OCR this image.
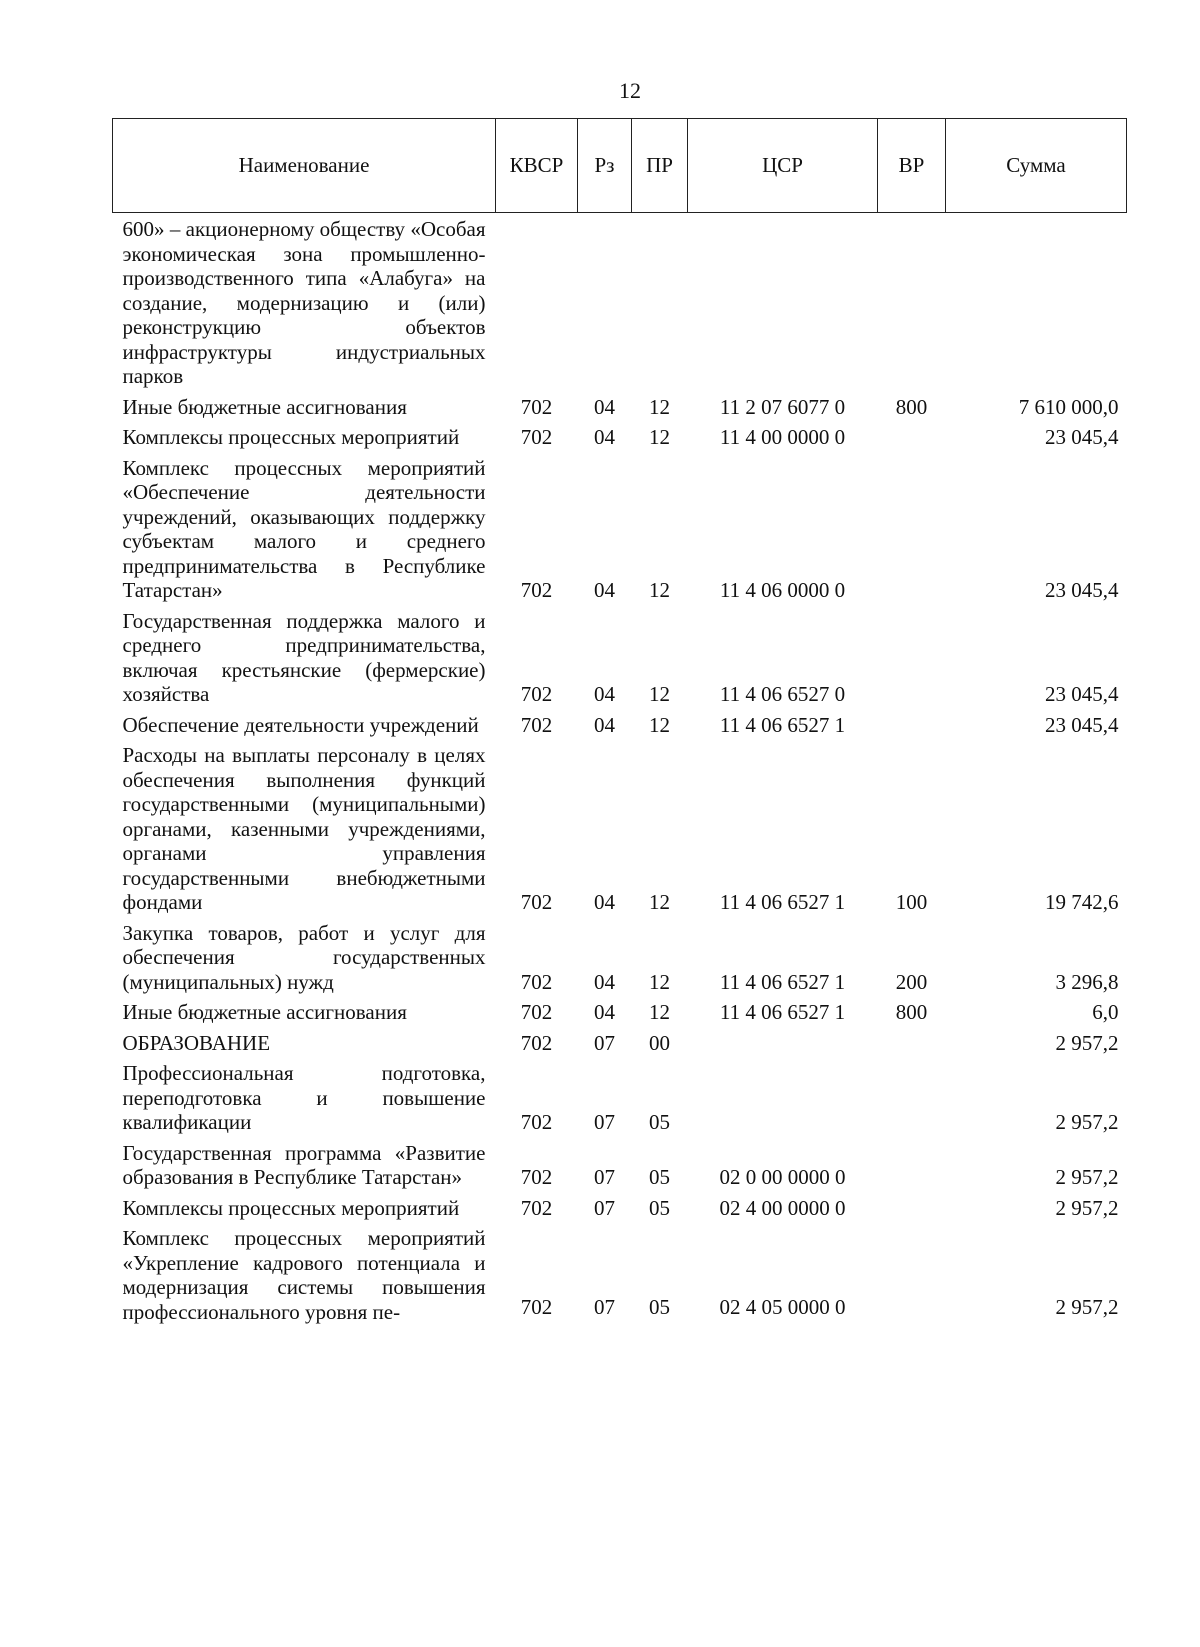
12
Наименование	КВСР	Рз	ПР	ЦСР	ВР	Сумма
600» – акционерному обществу «Особая экономическая зона промышленно-производственного типа «Алабуга» на создание, модернизацию и (или) реконструкцию объектов инфраструктуры индустриальных парков						
Иные бюджетные ассигнования	702	04	12	11 2 07 6077 0	800	7 610 000,0
Комплексы процессных мероприятий	702	04	12	11 4 00 0000 0		23 045,4
Комплекс процессных мероприятий «Обеспечение деятельности учреждений, оказывающих поддержку субъектам малого и среднего предпринимательства в Республике Татарстан»	702	04	12	11 4 06 0000 0		23 045,4
Государственная поддержка малого и среднего предпринимательства, включая крестьянские (фермерские) хозяйства	702	04	12	11 4 06 6527 0		23 045,4
Обеспечение деятельности учреждений	702	04	12	11 4 06 6527 1		23 045,4
Расходы на выплаты персоналу в целях обеспечения выполнения функций государственными (муниципальными) органами, казенными учреждениями, органами управления государственными внебюджетными фондами	702	04	12	11 4 06 6527 1	100	19 742,6
Закупка товаров, работ и услуг для обеспечения государственных (муниципальных) нужд	702	04	12	11 4 06 6527 1	200	3 296,8
Иные бюджетные ассигнования	702	04	12	11 4 06 6527 1	800	6,0
ОБРАЗОВАНИЕ	702	07	00			2 957,2
Профессиональная подготовка, переподготовка и повышение квалификации	702	07	05			2 957,2
Государственная программа «Развитие образования в Республике Татарстан»	702	07	05	02 0 00 0000 0		2 957,2
Комплексы процессных мероприятий	702	07	05	02 4 00 0000 0		2 957,2
Комплекс процессных мероприятий «Укрепление кадрового потенциала и модернизация системы повышения профессионального уровня пе-	702	07	05	02 4 05 0000 0		2 957,2
